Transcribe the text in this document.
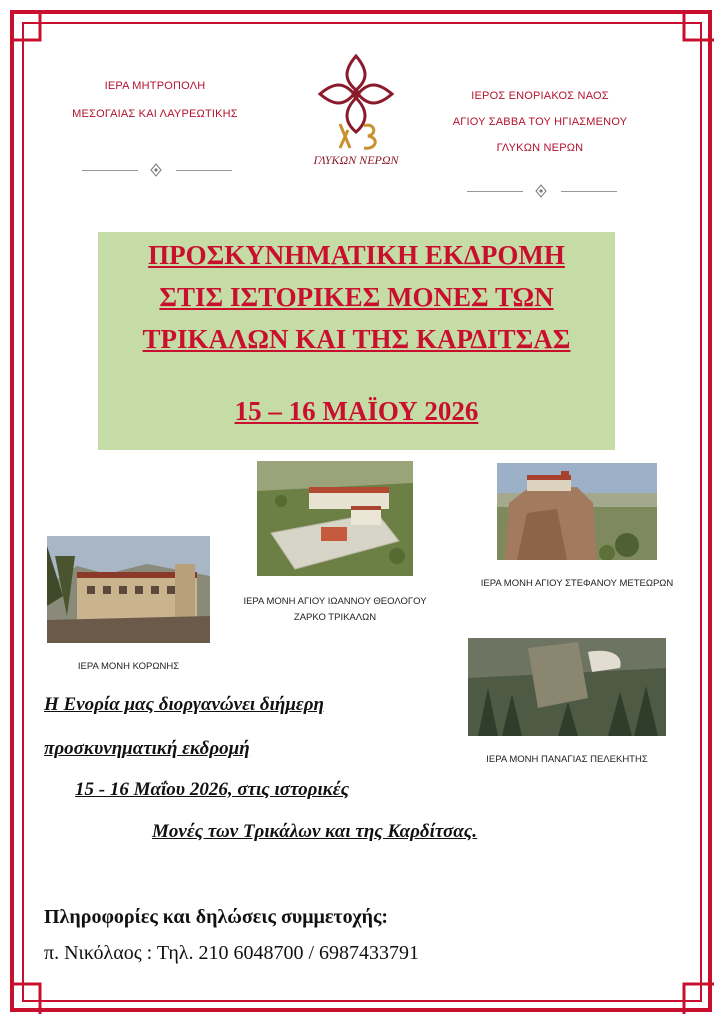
ΙΕΡΑ ΜΗΤΡΟΠΟΛΗ
ΜΕΣΟΓΑΙΑΣ ΚΑΙ ΛΑΥΡΕΩΤΙΚΗΣ
ΓΛΥΚΩΝ ΝΕΡΩΝ
ΙΕΡΟΣ ΕΝΟΡΙΑΚΟΣ ΝΑΟΣ
ΑΓΙΟΥ ΣΑΒΒΑ ΤΟΥ ΗΓΙΑΣΜΕΝΟΥ
ΓΛΥΚΩΝ ΝΕΡΩΝ
ΠΡΟΣΚΥΝΗΜΑΤΙΚΗ ΕΚΔΡΟΜΗ
ΣΤΙΣ ΙΣΤΟΡΙΚΕΣ ΜΟΝΕΣ ΤΩΝ
ΤΡΙΚΑΛΩΝ ΚΑΙ ΤΗΣ ΚΑΡΔΙΤΣΑΣ
15 – 16 ΜΑΪΟΥ 2026
ΙΕΡΑ ΜΟΝΗ ΑΓΙΟΥ ΙΩΑΝΝΟΥ ΘΕΟΛΟΓΟΥ
ΖΑΡΚΟ ΤΡΙΚΑΛΩΝ
ΙΕΡΑ ΜΟΝΗ ΑΓΙΟΥ ΣΤΕΦΑΝΟΥ ΜΕΤΕΩΡΩΝ
ΙΕΡΑ ΜΟΝΗ ΚΟΡΩΝΗΣ
ΙΕΡΑ ΜΟΝΗ ΠΑΝΑΓΙΑΣ ΠΕΛΕΚΗΤΗΣ
Η Ενορία μας διοργανώνει διήμερη
προσκυνηματική εκδρομή
15 - 16 Μαΐου 2026, στις ιστορικές
Μονές των Τρικάλων και της Καρδίτσας.
Πληροφορίες και δηλώσεις συμμετοχής:
π. Νικόλαος : Τηλ. 210 6048700 / 6987433791
